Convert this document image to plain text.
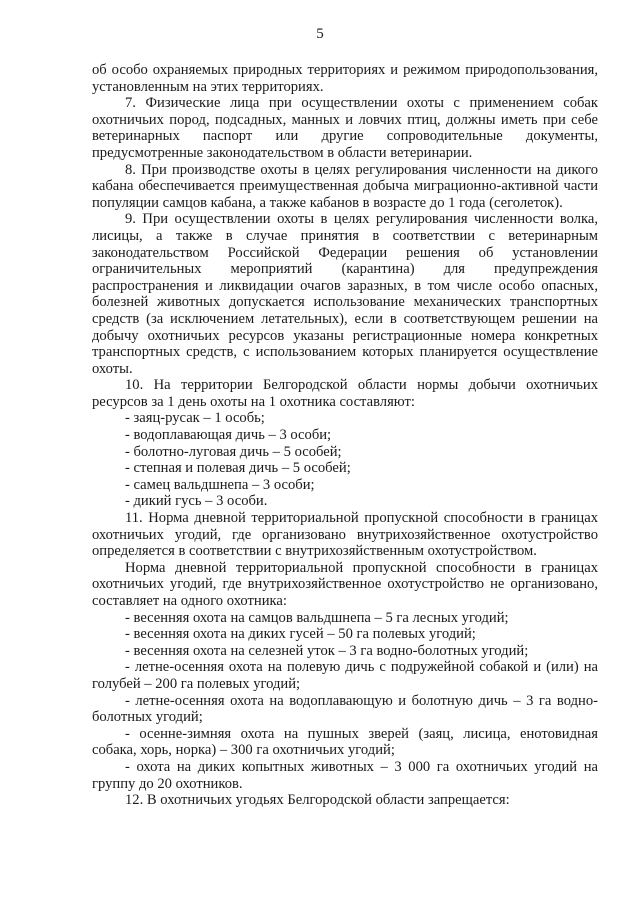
5

об особо охраняемых природных территориях и режимом природопользования, установленным на этих территориях.

7. Физические лица при осуществлении охоты с применением собак охотничьих пород, подсадных, манных и ловчих птиц, должны иметь при себе ветеринарных паспорт или другие сопроводительные документы, предусмотренные законодательством в области ветеринарии.

8. При производстве охоты в целях регулирования численности на дикого кабана обеспечивается преимущественная добыча миграционно-активной части популяции самцов кабана, а также кабанов в возрасте до 1 года (сеголеток).

9. При осуществлении охоты в целях регулирования численности волка, лисицы, а также в случае принятия в соответствии с ветеринарным законодательством Российской Федерации решения об установлении ограничительных мероприятий (карантина) для предупреждения распространения и ликвидации очагов заразных, в том числе особо опасных, болезней животных допускается использование механических транспортных средств (за исключением летательных), если в соответствующем решении на добычу охотничьих ресурсов указаны регистрационные номера конкретных транспортных средств, с использованием которых планируется осуществление охоты.

10. На территории Белгородской области нормы добычи охотничьих ресурсов за 1 день охоты на 1 охотника составляют:

- заяц-русак – 1 особь;

- водоплавающая дичь – 3 особи;

- болотно-луговая дичь – 5 особей;

- степная и полевая дичь – 5 особей;

- самец вальдшнепа – 3 особи;

- дикий гусь – 3 особи.

11. Норма дневной территориальной пропускной способности в границах охотничьих угодий, где организовано внутрихозяйственное охотустройство определяется в соответствии с внутрихозяйственным охотустройством.

Норма дневной территориальной пропускной способности в границах охотничьих угодий, где внутрихозяйственное охотустройство не организовано, составляет на одного охотника:

- весенняя охота на самцов вальдшнепа – 5 га лесных угодий;

- весенняя охота на диких гусей – 50 га полевых угодий;

- весенняя охота на селезней уток – 3 га водно-болотных угодий;

- летне-осенняя охота на полевую дичь с подружейной собакой и (или) на голубей – 200 га полевых угодий;

- летне-осенняя охота на водоплавающую и болотную дичь – 3 га водно-болотных угодий;

- осенне-зимняя охота на пушных зверей (заяц, лисица, енотовидная собака, хорь, норка) – 300 га охотничьих угодий;

- охота на диких копытных животных – 3 000 га охотничьих угодий на группу до 20 охотников.

12. В охотничьих угодьях Белгородской области запрещается:
